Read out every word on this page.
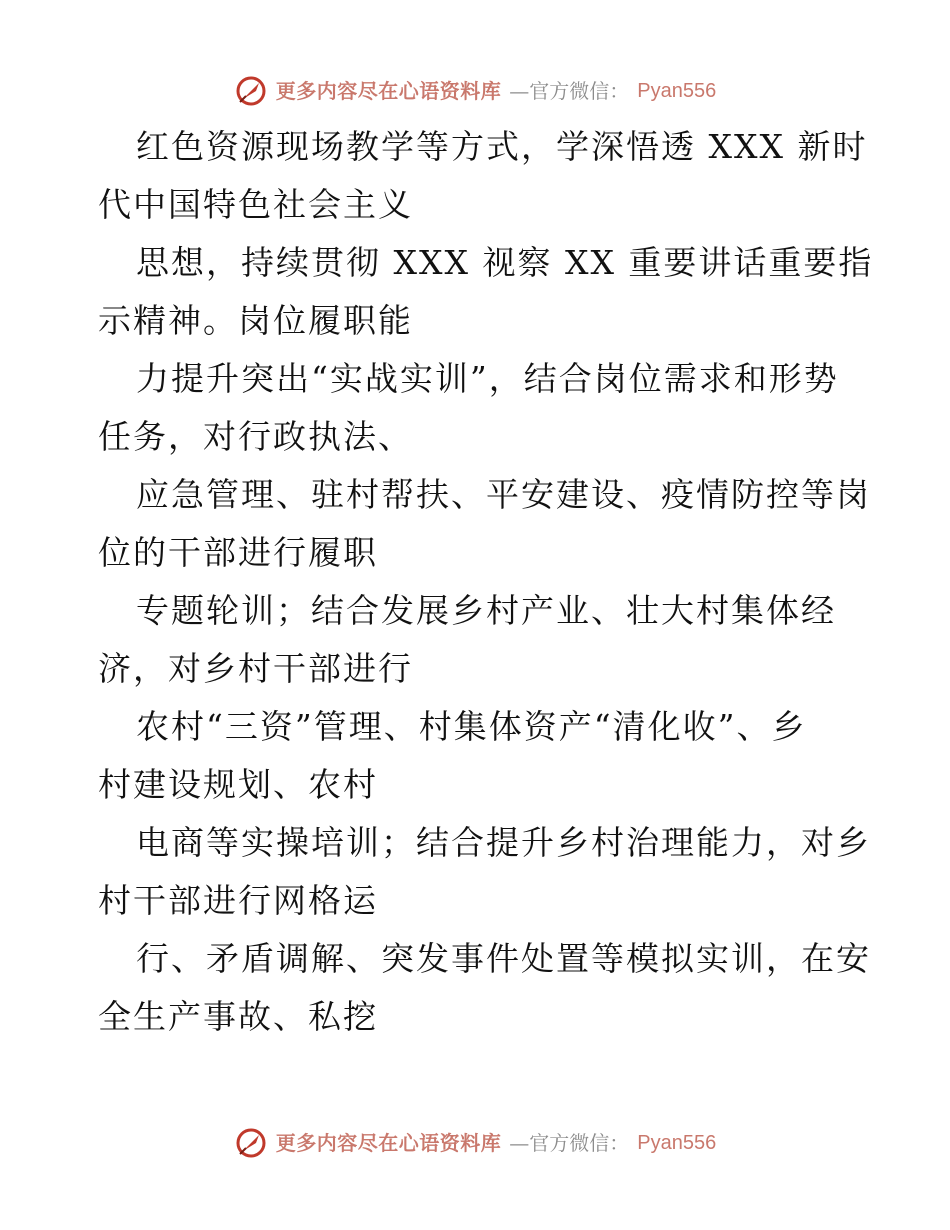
更多内容尽在心语资料库 —官方微信： Pyan556

红色资源现场教学等方式，学深悟透 XXX 新时
代中国特色社会主义

思想，持续贯彻 XXX 视察 XX 重要讲话重要指
示精神。岗位履职能

力提升突出“实战实训”，结合岗位需求和形势
任务，对行政执法、

应急管理、驻村帮扶、平安建设、疫情防控等岗
位的干部进行履职

专题轮训；结合发展乡村产业、壮大村集体经
济，对乡村干部进行

农村“三资”管理、村集体资产“清化收”、乡
村建设规划、农村

电商等实操培训；结合提升乡村治理能力，对乡
村干部进行网格运

行、矛盾调解、突发事件处置等模拟实训，在安
全生产事故、私挖

更多内容尽在心语资料库 —官方微信： Pyan556
